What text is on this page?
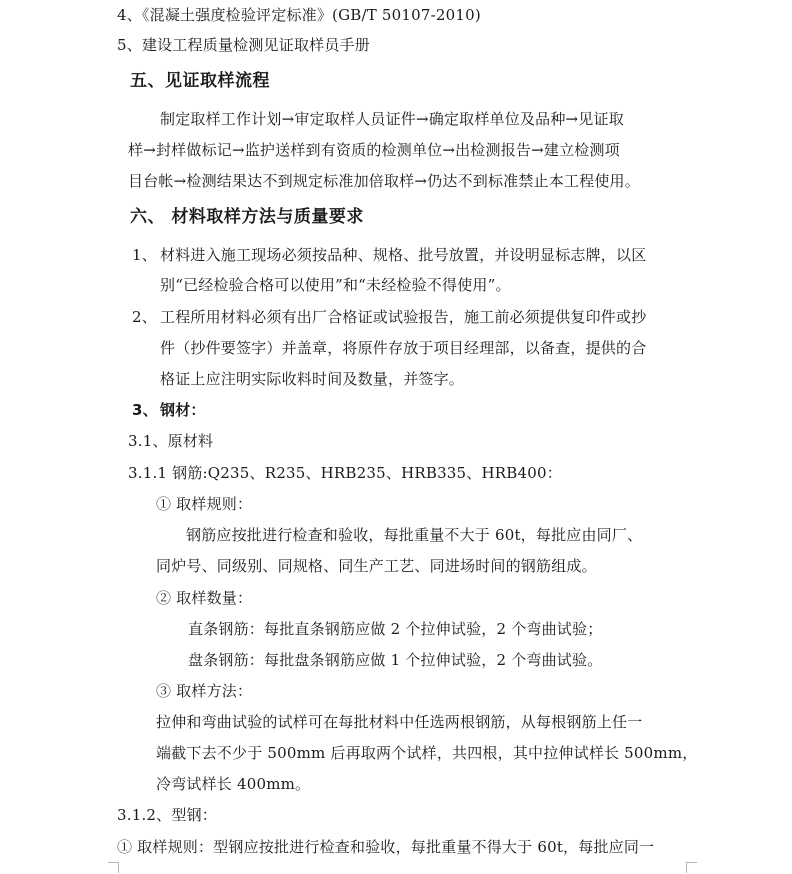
4、《混凝土强度检验评定标准》(GB/T 50107-2010)
5、建设工程质量检测见证取样员手册
五、见证取样流程
制定取样工作计划→审定取样人员证件→确定取样单位及品种→见证取
样→封样做标记→监护送样到有资质的检测单位→出检测报告→建立检测项
目台帐→检测结果达不到规定标准加倍取样→仍达不到标准禁止本工程使用。
六、 材料取样方法与质量要求
1、 材料进入施工现场必须按品种、规格、批号放置，并设明显标志牌，以区
别“已经检验合格可以使用”和“未经检验不得使用”。
2、 工程所用材料必须有出厂合格证或试验报告，施工前必须提供复印件或抄
件（抄件要签字）并盖章，将原件存放于项目经理部，以备查，提供的合
格证上应注明实际收料时间及数量，并签字。
3、 钢材：
3.1、原材料
3.1.1 钢筋:Q235、R235、HRB235、HRB335、HRB400：
① 取样规则：
钢筋应按批进行检查和验收，每批重量不大于 60t，每批应由同厂、
同炉号、同级别、同规格、同生产工艺、同进场时间的钢筋组成。
② 取样数量：
直条钢筋：每批直条钢筋应做 2 个拉伸试验，2 个弯曲试验；
盘条钢筋：每批盘条钢筋应做 1 个拉伸试验，2 个弯曲试验。
③ 取样方法：
拉伸和弯曲试验的试样可在每批材料中任选两根钢筋，从每根钢筋上任一
端截下去不少于 500mm 后再取两个试样，共四根，其中拉伸试样长 500mm，
冷弯试样长 400mm。
3.1.2、型钢：
① 取样规则：型钢应按批进行检查和验收，每批重量不得大于 60t，每批应同一
